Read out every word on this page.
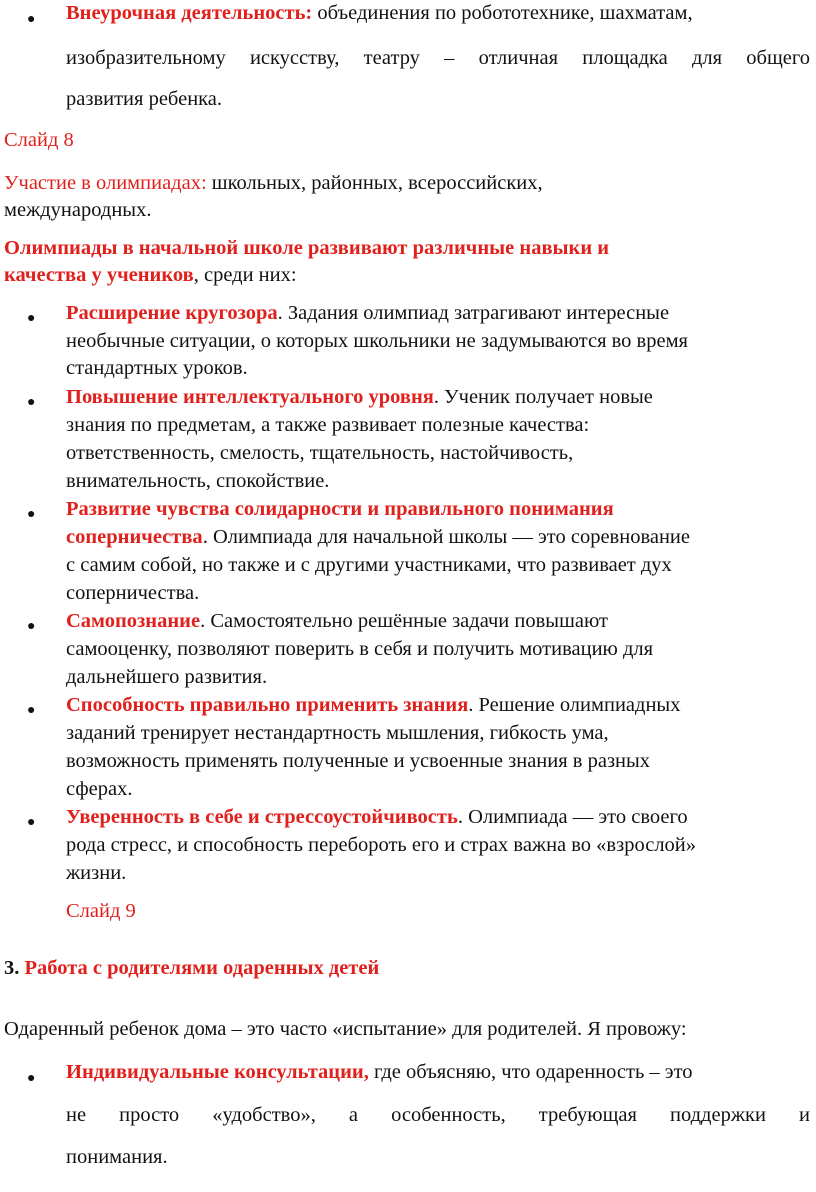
● Внеурочная деятельность: объединения по робототехнике, шахматам,
изобразительному искусству, театру – отличная площадка для общего
развития ребенка.
Слайд 8
Участие в олимпиадах: школьных, районных, всероссийских,
международных.
Олимпиады в начальной школе развивают различные навыки и
качества у учеников, среди них:
● Расширение кругозора. Задания олимпиад затрагивают интересные
необычные ситуации, о которых школьники не задумываются во время
стандартных уроков.
● Повышение интеллектуального уровня. Ученик получает новые
знания по предметам, а также развивает полезные качества:
ответственность, смелость, тщательность, настойчивость,
внимательность, спокойствие.
● Развитие чувства солидарности и правильного понимания
соперничества. Олимпиада для начальной школы — это соревнование
с самим собой, но также и с другими участниками, что развивает дух
соперничества.
● Самопознание. Самостоятельно решённые задачи повышают
самооценку, позволяют поверить в себя и получить мотивацию для
дальнейшего развития.
● Способность правильно применить знания. Решение олимпиадных
заданий тренирует нестандартность мышления, гибкость ума,
возможность применять полученные и усвоенные знания в разных
сферах.
● Уверенность в себе и стрессоустойчивость. Олимпиада — это своего
рода стресс, и способность перебороть его и страх важна во «взрослой»
жизни.
Слайд 9
3. Работа с родителями одаренных детей
Одаренный ребенок дома – это часто «испытание» для родителей. Я провожу:
● Индивидуальные консультации, где объясняю, что одаренность – это
не просто «удобство», а особенность, требующая поддержки и
понимания.
